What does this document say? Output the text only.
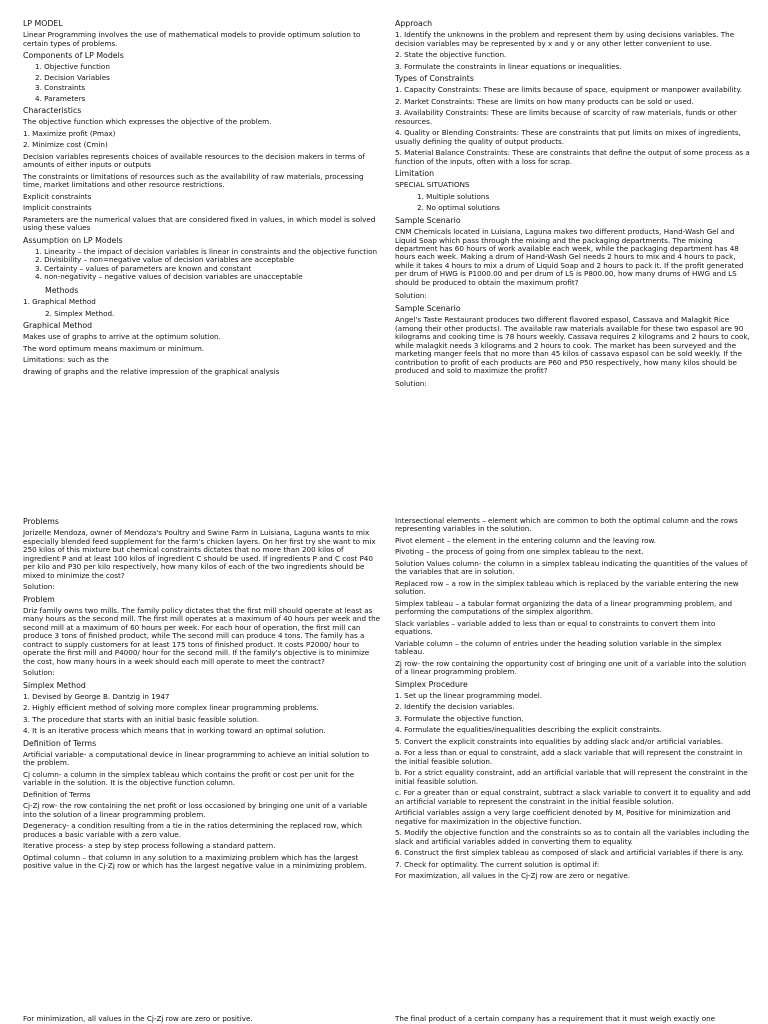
LP MODEL
Linear Programming involves the use of mathematical models to provide optimum solution to certain types of problems.
Components of LP Models
1. Objective function
2. Decision Variables
3. Constraints
4. Parameters
Characteristics
The objective function which expresses the objective of the problem.
1. Maximize profit (Pmax)
2. Minimize cost (Cmin)
Decision variables represents choices of available resources to the decision makers in terms of amounts of either inputs or outputs
The constraints or limitations of resources such as the availability of raw materials, processing time, market limitations and other resource restrictions.
Explicit constraints
Implicit constraints
Parameters are the numerical values that are considered fixed in values, in which model is solved using these values
Assumption on LP Models
1. Linearity – the impact of decision variables is linear in constraints and the objective function
2. Divisibility – non=negative value of decision variables are acceptable
3. Certainty – values of parameters are known and constant
4. non-negativity – negative values of decision variables are unacceptable
Methods
1. Graphical Method
2. Simplex Method.
Graphical Method
Makes use of graphs to arrive at the optimum solution.
The word optimum means maximum or minimum.
Limitations: such as the
drawing of graphs and the relative impression of the graphical analysis
Approach
1. Identify the unknowns in the problem and represent them by using decisions variables. The decision variables may be represented by x and y or any other letter convenient to use.
2. State the objective function.
3. Formulate the constraints in linear equations or inequalities.
Types of Constraints
1. Capacity Constraints: These are limits because of space, equipment or manpower availability.
2. Market Constraints: These are limits on how many products can be sold or used.
3. Availability Constraints: These are limits because of scarcity of raw materials, funds or other resources.
4. Quality or Blending Constraints: These are constraints that put limits on mixes of ingredients, usually defining the quality of output products.
5. Material Balance Constraints: These are constraints that define the output of some process as a function of the inputs, often with a loss for scrap.
Limitation
SPECIAL SITUATIONS
1. Multiple solutions
2. No optimal solutions
Sample Scenario
CNM Chemicals located in Luisiana, Laguna makes two different products, Hand-Wash Gel and Liquid Soap which pass through the mixing and the packaging departments. The mixing department has 60 hours of work available each week, while the packaging department has 48 hours each week. Making a drum of Hand-Wash Gel needs 2 hours to mix and 4 hours to pack, while it takes 4 hours to mix a drum of Liquid Soap and 2 hours to pack it. If the profit generated per drum of HWG is P1000.00 and per drum of LS is P800.00, how many drums of HWG and LS should be produced to obtain the maximum profit?
Solution:
Sample Scenario
Angel's Taste Restaurant produces two different flavored espasol, Cassava and Malagkit Rice (among their other products). The available raw materials available for these two espasol are 90 kilograms and cooking time is 78 hours weekly. Cassava requires 2 kilograms and 2 hours to cook, while malagkit needs 3 kilograms and 2 hours to cook. The market has been surveyed and the marketing manger feels that no more than 45 kilos of cassava espasol can be sold weekly. If the contribution to profit of each products are P60 and P50 respectively, how many kilos should be produced and sold to maximize the profit?
Solution:
Problems
Jorizelle Mendoza, owner of Mendoza's Poultry and Swine Farm in Luisiana, Laguna wants to mix especially blended feed supplement for the farm's chicken layers. On her first try she want to mix 250 kilos of this mixture but chemical constraints dictates that no more than 200 kilos of ingredient P and at least 100 kilos of ingredient C should be used. If ingredients P and C cost P40 per kilo and P30 per kilo respectively, how many kilos of each of the two ingredients should be mixed to minimize the cost?
Solution:
Problem
Driz family owns two mills. The family policy dictates that the first mill should operate at least as many hours as the second mill. The first mill operates at a maximum of 40 hours per week and the second mill at a maximum of 60 hours per week. For each hour of operation, the first mill can produce 3 tons of finished product, while The second mill can produce 4 tons. The family has a contract to supply customers for at least 175 tons of finished product. It costs P2000/ hour to operate the first mill and P4000/ hour for the second mill. If the family's objective is to minimize the cost, how many hours in a week should each mill operate to meet the contract?
Solution:
Simplex Method
1. Devised by George B. Dantzig in 1947
2. Highly efficient method of solving more complex linear programming problems.
3. The procedure that starts with an initial basic feasible solution.
4. It is an iterative process which means that in working toward an optimal solution.
Definition of Terms
Artificial variable- a computational device in linear programming to achieve an initial solution to the problem.
Cj column- a column in the simplex tableau which contains the profit or cost per unit for the variable in the solution. It is the objective function column.
Definition of Terms
Cj-Zj row- the row containing the net profit or loss occasioned by bringing one unit of a variable into the solution of a linear programming problem.
Degeneracy- a condition resulting from a tie in the ratios determining the replaced row, which produces a basic variable with a zero value.
Iterative process- a step by step process following a standard pattern.
Optimal column – that column in any solution to a maximizing problem which has the largest positive value in the Cj-Zj row or which has the largest negative value in a minimizing problem.
Intersectional elements – element which are common to both the optimal column and the rows representing variables in the solution.
Pivot element – the element in the entering column and the leaving row.
Pivoting – the process of going from one simplex tableau to the next.
Solution Values column- the column in a simplex tableau indicating the quantities of the values of the variables that are in solution.
Replaced row – a row in the simplex tableau which is replaced by the variable entering the new solution.
Simplex tableau – a tabular format organizing the data of a linear programming problem, and performing the computations of the simplex algorithm.
Slack variables – variable added to less than or equal to constraints to convert them into equations.
Variable column – the column of entries under the heading solution variable in the simplex tableau.
Zj row- the row containing the opportunity cost of bringing one unit of a variable into the solution of a linear programming problem.
Simplex Procedure
1. Set up the linear programming model.
2. Identify the decision variables.
3. Formulate the objective function.
4. Formulate the equalities/inequalities describing the explicit constraints.
5. Convert the explicit constraints into equalities by adding slack and/or artificial variables.
a. For a less than or equal to constraint, add a slack variable that will represent the constraint in the initial feasible solution.
b. For a strict equality constraint, add an artificial variable that will represent the constraint in the initial feasible solution.
c. For a greater than or equal constraint, subtract a slack variable to convert it to equality and add an artificial variable to represent the constraint in the initial feasible solution.
Artificial variables assign a very large coefficient denoted by M, Positive for minimization and negative for maximization in the objective function.
5. Modify the objective function and the constraints so as to contain all the variables including the slack and artificial variables added in converting them to equality.
6. Construct the first simplex tableau as composed of slack and artificial variables if there is any.
7. Check for optimality. The current solution is optimal if:
For maximization, all values in the Cj-Zj row are zero or negative.
For minimization, all values in the Cj-Zj row are zero or positive.	The final product of a certain company has a requirement that it must weigh exactly one
